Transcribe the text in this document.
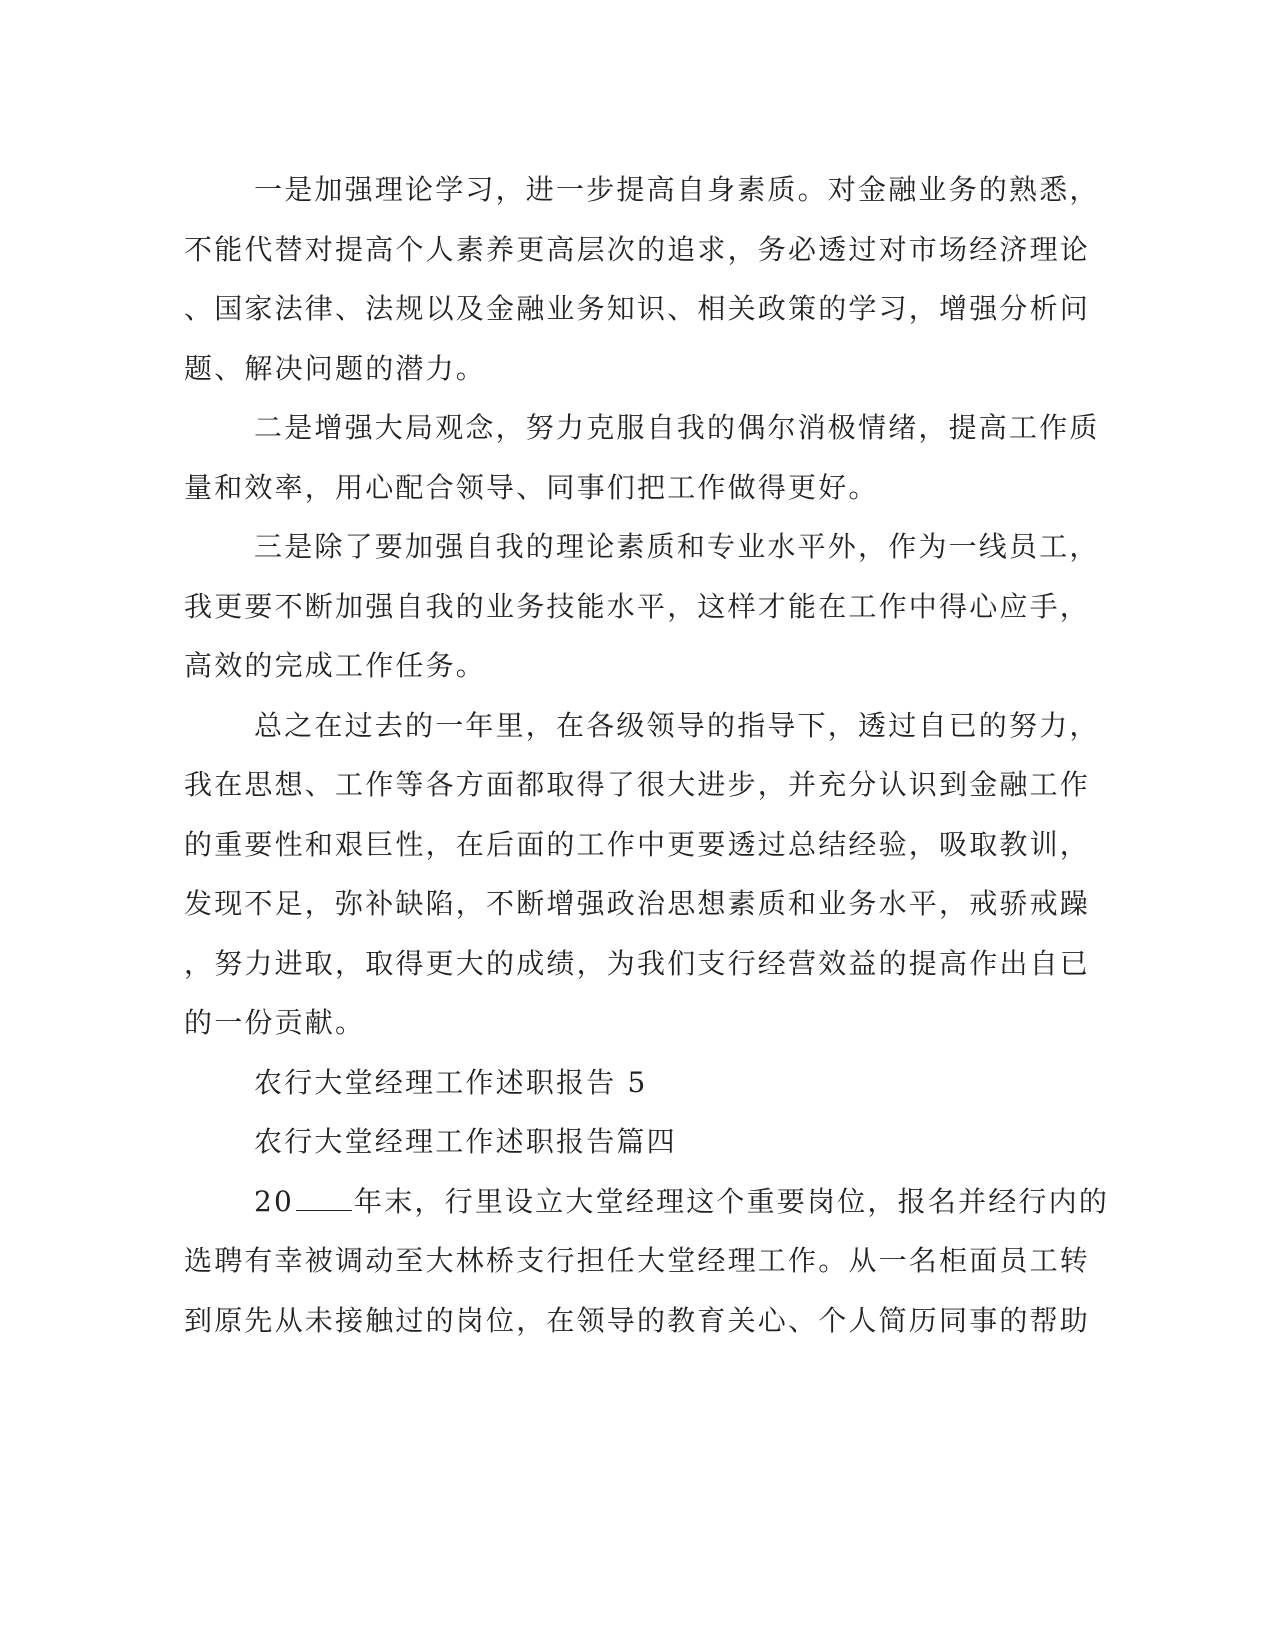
一是加强理论学习，进一步提高自身素质。对金融业务的熟悉，
不能代替对提高个人素养更高层次的追求，务必透过对市场经济理论
、国家法律、法规以及金融业务知识、相关政策的学习，增强分析问
题、解决问题的潜力。
二是增强大局观念，努力克服自我的偶尔消极情绪，提高工作质
量和效率，用心配合领导、同事们把工作做得更好。
三是除了要加强自我的理论素质和专业水平外，作为一线员工，
我更要不断加强自我的业务技能水平，这样才能在工作中得心应手，
高效的完成工作任务。
总之在过去的一年里，在各级领导的指导下，透过自已的努力，
我在思想、工作等各方面都取得了很大进步，并充分认识到金融工作
的重要性和艰巨性，在后面的工作中更要透过总结经验，吸取教训，
发现不足，弥补缺陷，不断增强政治思想素质和业务水平，戒骄戒躁
，努力进取，取得更大的成绩，为我们支行经营效益的提高作出自已
的一份贡献。
农行大堂经理工作述职报告 5
农行大堂经理工作述职报告篇四
20 年末，行里设立大堂经理这个重要岗位，报名并经行内的
选聘有幸被调动至大林桥支行担任大堂经理工作。从一名柜面员工转
到原先从未接触过的岗位，在领导的教育关心、个人简历同事的帮助
